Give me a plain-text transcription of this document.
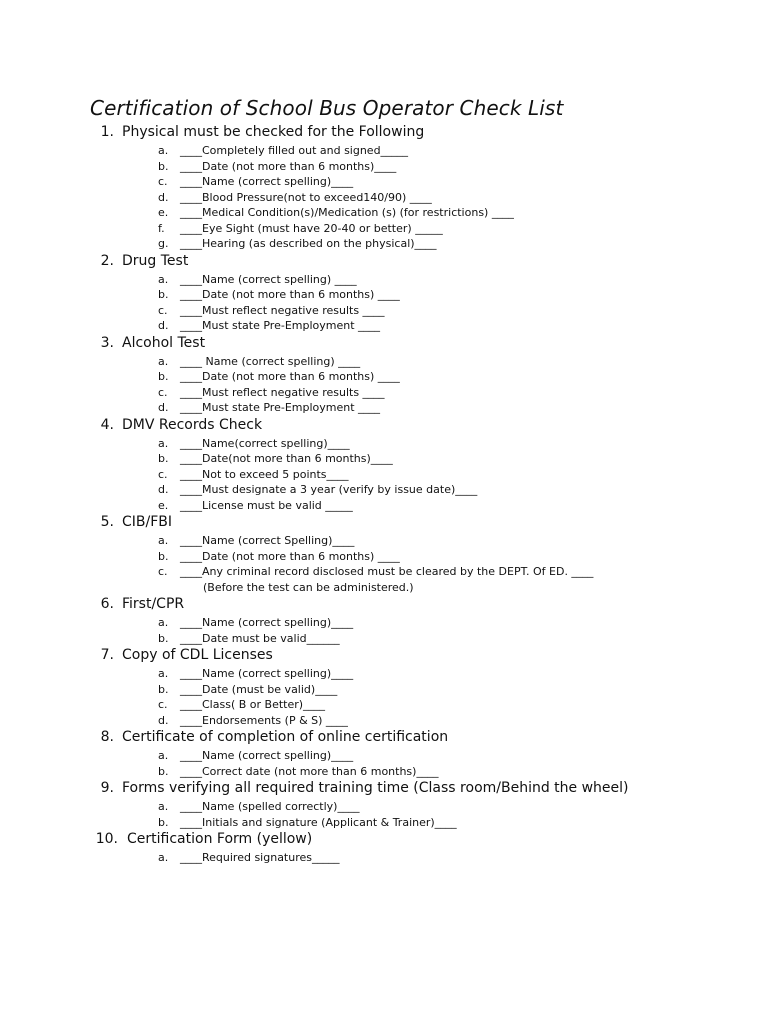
Certification of School Bus Operator Check List
1. Physical must be checked for the Following
a.	____Completely filled out and signed_____
b.	____Date (not more than 6 months)____
c.	____Name (correct spelling)____
d.	____Blood Pressure(not to exceed140/90) ____
e.	____Medical Condition(s)/Medication (s) (for restrictions) ____
f.	____Eye Sight (must have 20-40 or better) _____
g.	____Hearing (as described on the physical)____
2. Drug Test
a.	____Name (correct spelling) ____
b.	____Date (not more than 6 months) ____
c.	____Must reflect negative results ____
d.	____Must state Pre-Employment ____
3. Alcohol Test
a.	____ Name (correct spelling) ____
b.	____Date (not more than 6 months) ____
c.	____Must reflect negative results ____
d.	____Must state Pre-Employment ____
4. DMV Records Check
a.	____Name(correct spelling)____
b.	____Date(not more than 6 months)____
c.	____Not to exceed 5 points____
d.	____Must designate a 3 year (verify by issue date)____
e.	____License must be valid _____
5. CIB/FBI
a.	____Name (correct Spelling)____
b.	____Date (not more than 6 months) ____
c.	____Any criminal record disclosed must be cleared by the DEPT. Of ED. ____
(Before the test can be administered.)
6. First/CPR
a.	____Name (correct spelling)____
b.	____Date must be valid______
7. Copy of CDL Licenses
a.	____Name (correct spelling)____
b.	____Date (must be valid)____
c.	____Class( B or Better)____
d.	____Endorsements (P & S) ____
8. Certificate of completion of online certification
a.	____Name (correct spelling)____
b.	____Correct date (not more than 6 months)____
9. Forms verifying all required training time (Class room/Behind the wheel)
a.	____Name (spelled correctly)____
b.	____Initials and signature (Applicant & Trainer)____
10. Certification Form (yellow)
a.	____Required signatures_____
